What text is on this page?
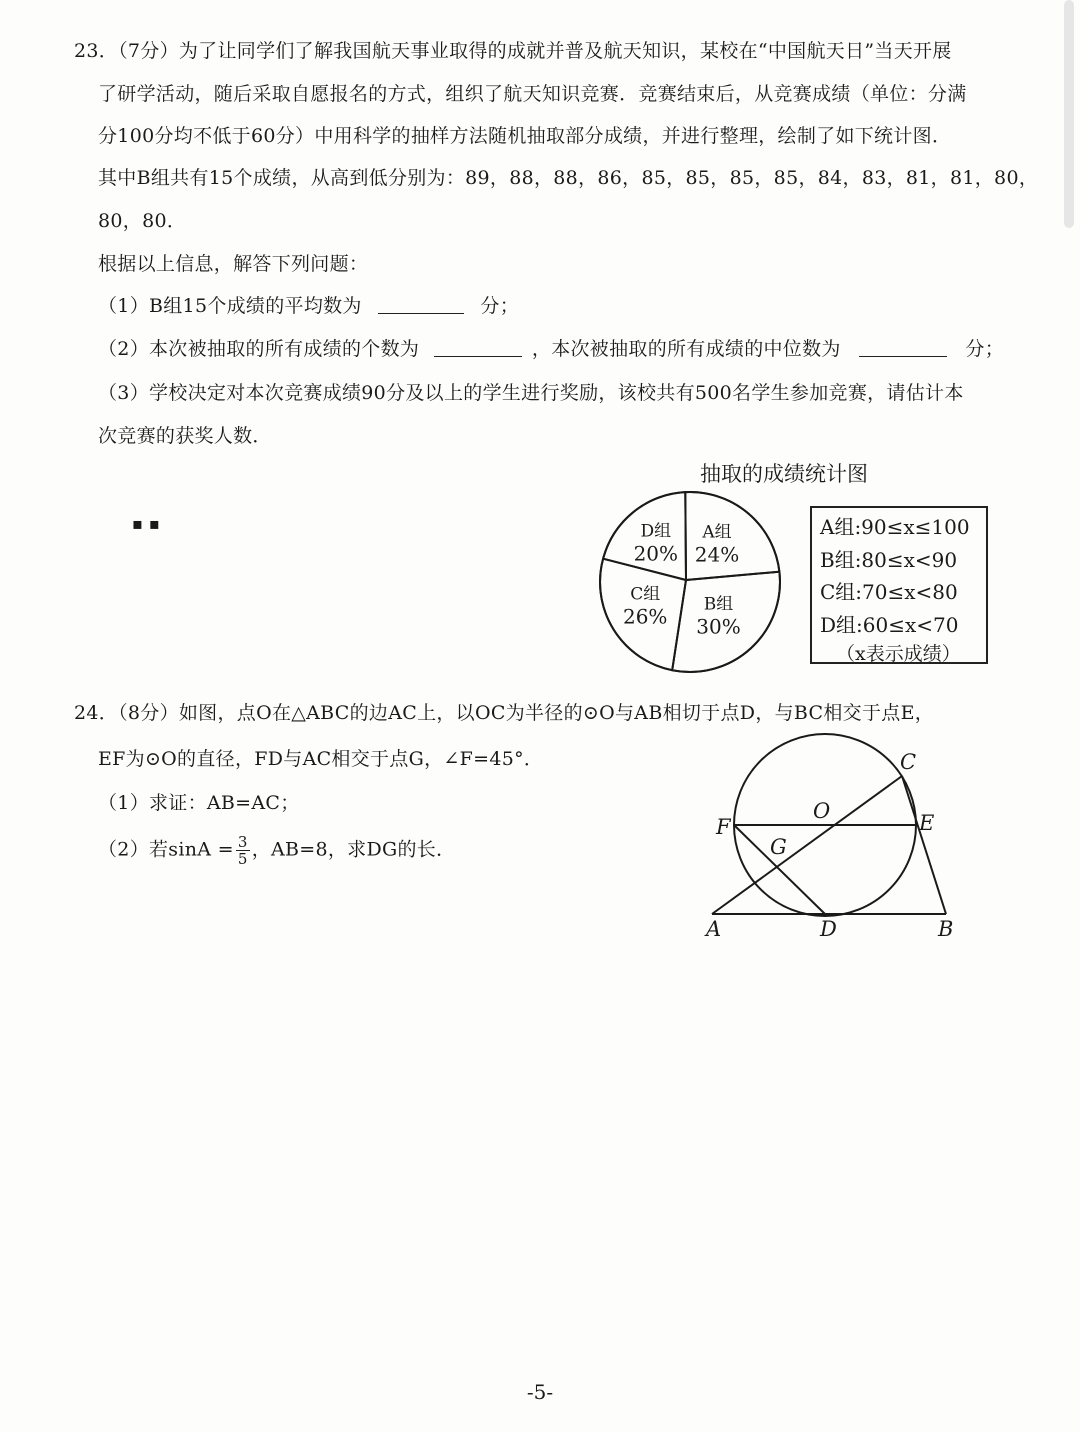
23．（7分）为了让同学们了解我国航天事业取得的成就并普及航天知识，某校在“中国航天日”当天开展
了研学活动，随后采取自愿报名的方式，组织了航天知识竞赛．竞赛结束后，从竞赛成绩（单位：分满
分100分均不低于60分）中用科学的抽样方法随机抽取部分成绩，并进行整理，绘制了如下统计图．
其中B组共有15个成绩，从高到低分别为：89，88，88，86，85，85，85，85，84，83，81，81，80，
80，80．
根据以上信息，解答下列问题：
（1）B组15个成绩的平均数为	分；
（2）本次被抽取的所有成绩的个数为	，本次被抽取的所有成绩的中位数为	分；
（3）学校决定对本次竞赛成绩90分及以上的学生进行奖励，该校共有500名学生参加竞赛，请估计本
次竞赛的获奖人数．
▪▪
抽取的成绩统计图
A组
24%
B组
30%
C组
26%
D组
20%
A组:90≤x≤100
B组:80≤x<90
C组:70≤x<80
D组:60≤x<70
（x表示成绩）
24．（8分）如图，点O在△ABC的边AC上，以OC为半径的⊙O与AB相切于点D，与BC相交于点E，
EF为⊙O的直径，FD与AC相交于点G，∠F=45°．
（1）求证：AB=AC；
（2）若$\sin A = \frac{3}{5}$ ，AB=8，求DG的长．
C
O	E
F
G
A	D	B
-5-
